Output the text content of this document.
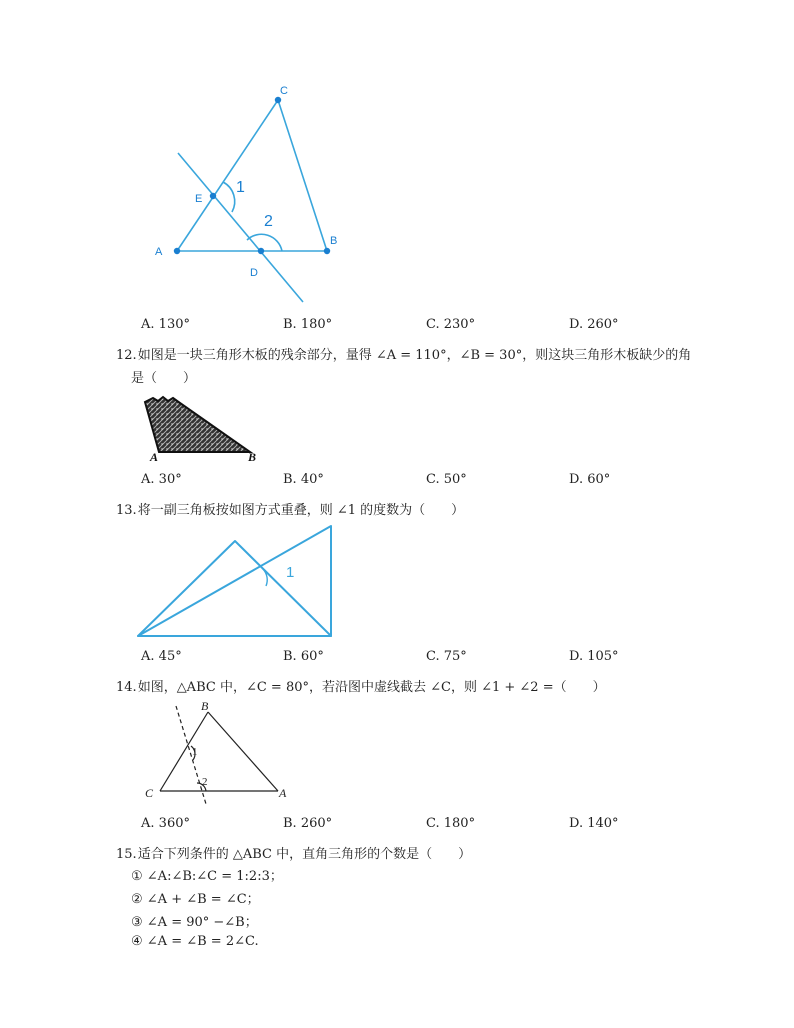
C
E
A
B
D
1
2
A. 130°	B. 180°	C. 230°	D. 260°
12.如图是一块三角形木板的残余部分，量得 ∠A = 110°，∠B = 30°，则这块三角形木板缺少的角
是（　　）
A	B
A. 30°	B. 40°	C. 50°	D. 60°
13.将一副三角板按如图方式重叠，则 ∠1 的度数为（　　）
1
A. 45°	B. 60°	C. 75°	D. 105°
14.如图，△ABC 中，∠C = 80°，若沿图中虚线截去 ∠C，则 ∠1 + ∠2 =（　　）
B
C	A
1
2
A. 360°	B. 260°	C. 180°	D. 140°
15.适合下列条件的 △ABC 中，直角三角形的个数是（　　）
① ∠A:∠B:∠C = 1:2:3；
② ∠A + ∠B = ∠C；
③ ∠A = 90° −∠B；
④ ∠A = ∠B = 2∠C.
